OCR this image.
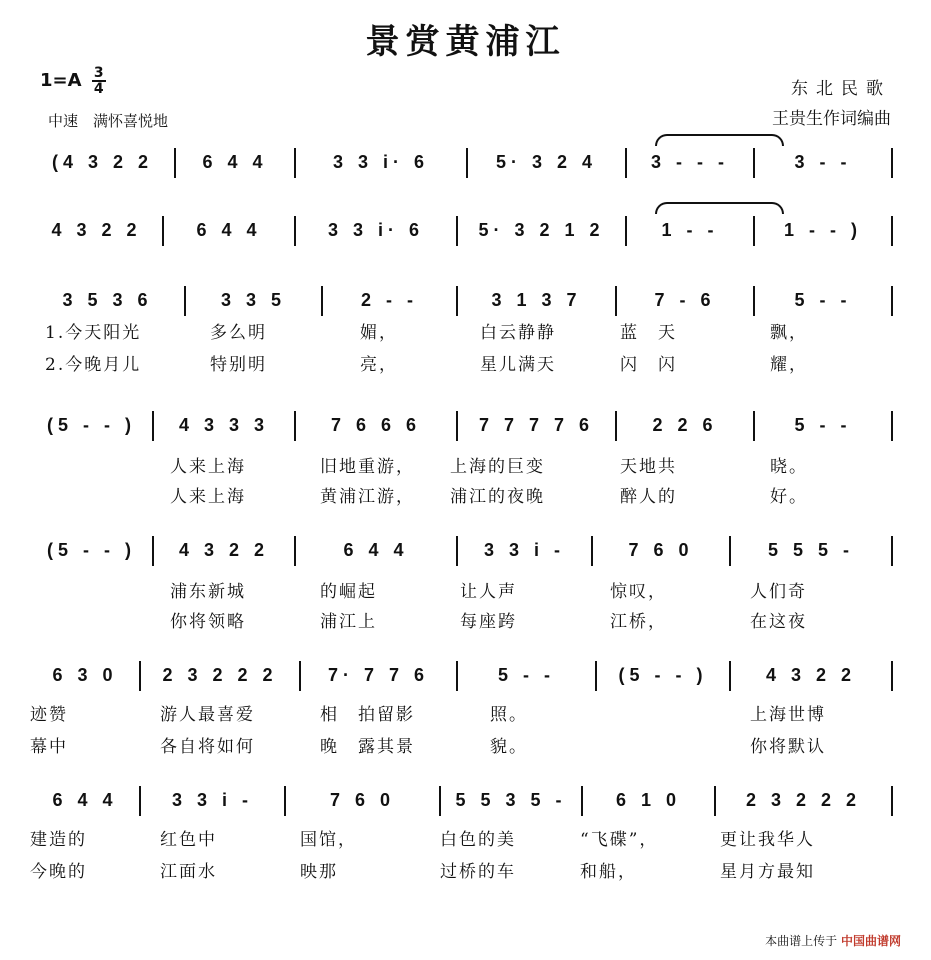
景赏黄浦江
$1=A \frac{3}{4}$
中速　满怀喜悦地
东北民歌
王贵生作词编曲
(4 3 2 2	6 4 4	3 3 i· 6	5· 3 2 4	3 - - -	3 - -
4 3 2 2	6 4 4	3 3 i· 6	5· 3 2 1 2	1 - -	1 - - )
3 5 3 6	3 3 5	2 - -	3 1 3 7	7 - 6	5 - -
(5 - - )	4 3 3 3	7 6 6 6	7 7 7 7 6	2 2 6	5 - -
(5 - - )	4 3 2 2	6 4 4	3 3 i -	7 6 0	5 5 5 -
6 3 0	2 3 2 2 2	7· 7 7 6	5 - -	(5 - - )	4 3 2 2
6 4 4	3 3 i -	7 6 0	5 5 3 5 -	6 1 0	2 3 2 2 2
本曲谱上传于 中国曲谱网
1.今天阳光	多么明	媚，	白云静静	蓝　天	飘，
2.今晚月儿	特别明	亮，	星儿满天	闪　闪	耀，
人来上海	旧地重游， 上海的巨变	天地共	晓。
人来上海	黄浦江游， 浦江的夜晚	醉人的	好。
浦东新城	的崛起	让人声	惊叹，	人们奇
你将领略	浦江上	每座跨	江桥，	在这夜
迹赞	游人最喜爱	相　拍留影	照。	上海世博
幕中	各自将如何	晚　露其景	貌。	你将默认
建造的	红色中	国馆，	白色的美	“飞碟”，	更让我华人
今晚的	江面水	映那	过桥的车	和船，	星月方最知
